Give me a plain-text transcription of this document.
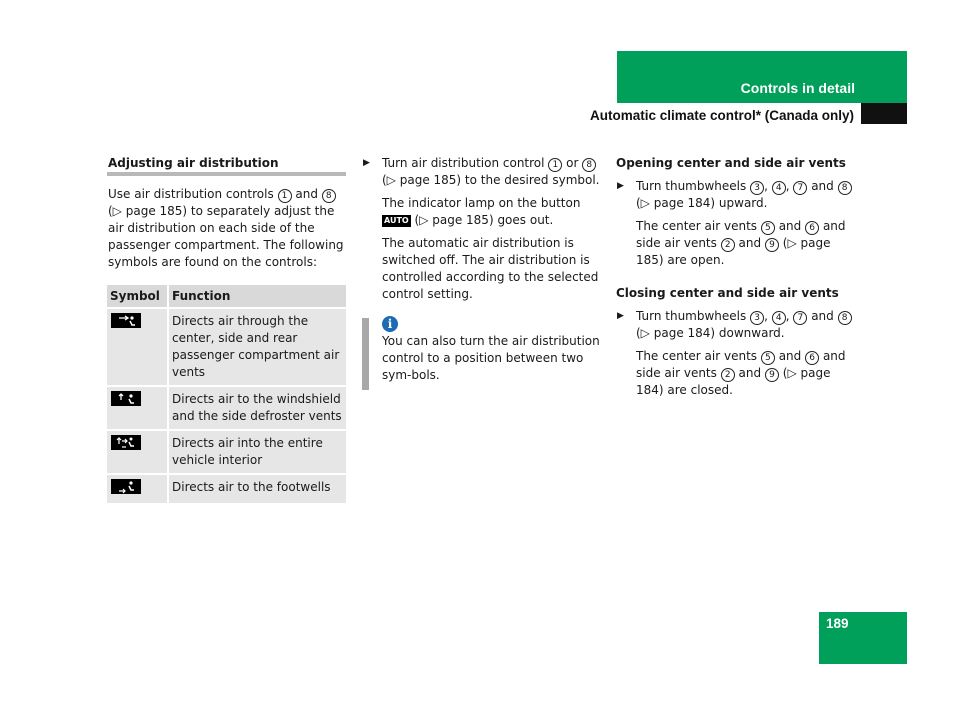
Controls in detail
Automatic climate control* (Canada only)
Adjusting air distribution
Use air distribution controls 1 and 8 (▷ page 185) to separately adjust the air distribution on each side of the passenger compartment. The following symbols are found on the controls:
Symbol	Function

	Directs air through the center, side and rear passenger compartment air vents

	Directs air to the windshield and the side defroster vents

	Directs air into the entire vehicle interior

	Directs air to the footwells
▶ Turn air distribution control 1 or 8 (▷ page 185) to the desired symbol.
The indicator lamp on the button AUTO (▷ page 185) goes out.
The automatic air distribution is switched off. The air distribution is controlled according to the selected control setting.
i
You can also turn the air distribution control to a position between two sym-bols.
Opening center and side air vents
▶ Turn thumbwheels 3 , 4 , 7 and 8 (▷ page 184) upward.
The center air vents 5 and 6 and side air vents 2 and 9 (▷ page 185) are open.
Closing center and side air vents
▶ Turn thumbwheels 3 , 4 , 7 and 8 (▷ page 184) downward.
The center air vents 5 and 6 and side air vents 2 and 9 (▷ page 184) are closed.
189
